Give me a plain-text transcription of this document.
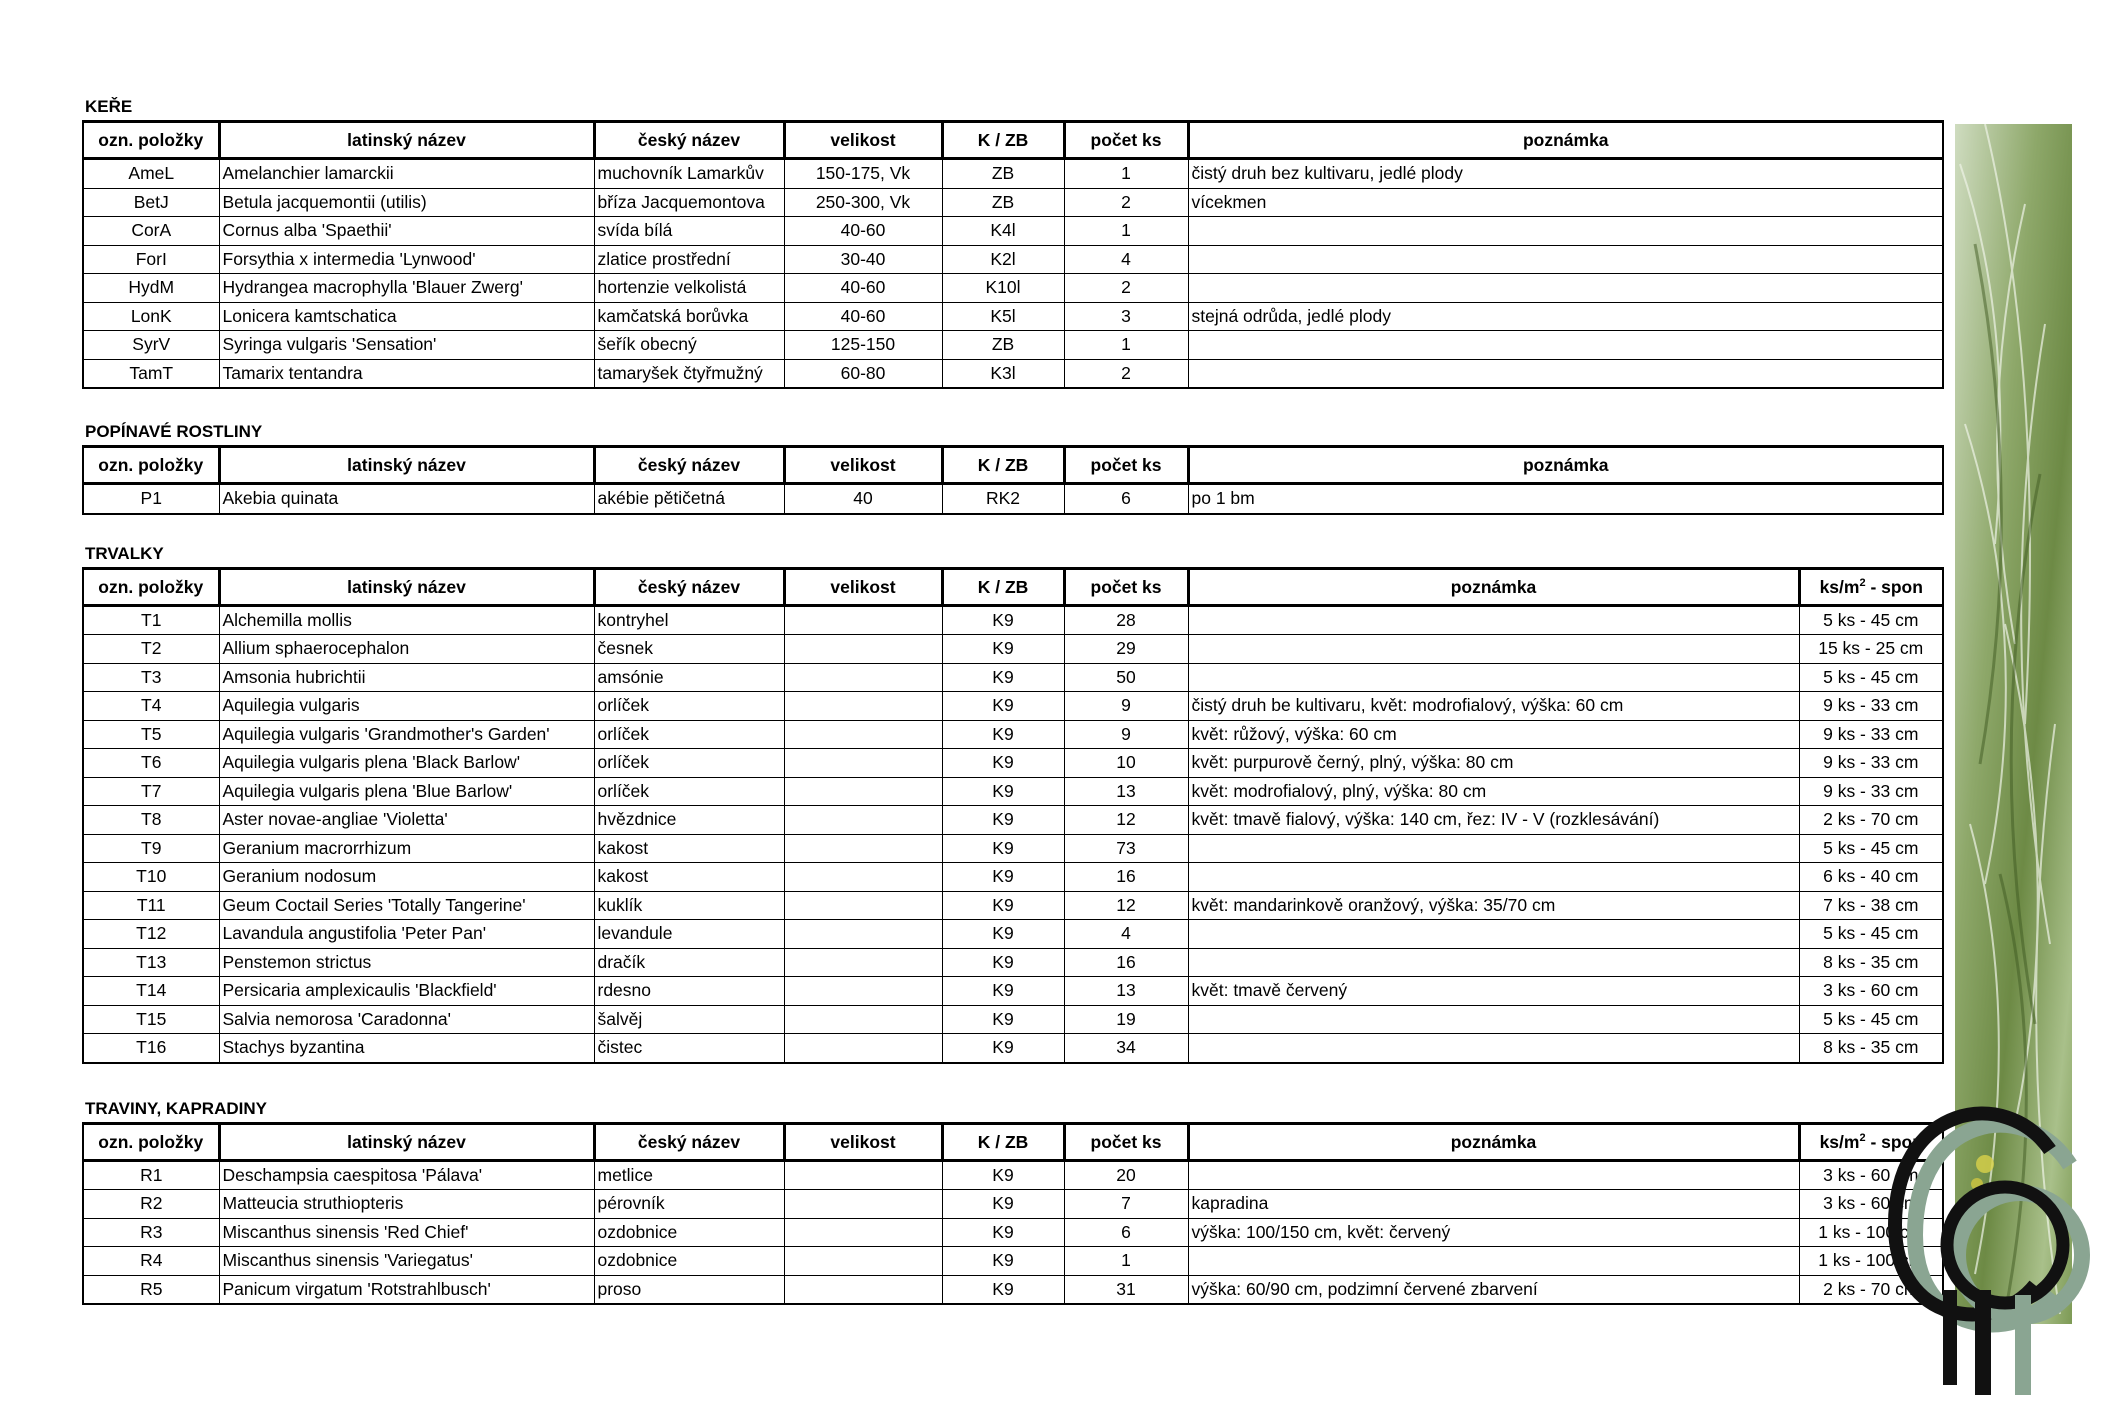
KEŘE
ozn. položky	latinský název	český název	velikost	K / ZB	počet ks	poznámka
AmeL	Amelanchier lamarckii	muchovník Lamarkův	150-175, Vk	ZB	1	čistý druh bez kultivaru, jedlé plody
BetJ	Betula jacquemontii (utilis)	bříza Jacquemontova	250-300, Vk	ZB	2	vícekmen
CorA	Cornus alba 'Spaethii'	svída bílá	40-60	K4l	1	
ForI	Forsythia x intermedia 'Lynwood'	zlatice prostřední	30-40	K2l	4	
HydM	Hydrangea macrophylla 'Blauer Zwerg'	hortenzie velkolistá	40-60	K10l	2	
LonK	Lonicera kamtschatica	kamčatská borůvka	40-60	K5l	3	stejná odrůda, jedlé plody
SyrV	Syringa vulgaris 'Sensation'	šeřík obecný	125-150	ZB	1	
TamT	Tamarix tentandra	tamaryšek čtyřmužný	60-80	K3l	2	
POPÍNAVÉ ROSTLINY
ozn. položky	latinský název	český název	velikost	K / ZB	počet ks	poznámka
P1	Akebia quinata	akébie pětičetná	40	RK2	6	po 1 bm
TRVALKY
ozn. položky	latinský název	český název	velikost	K / ZB	počet ks	poznámka	$ks/m^2$ - spon
T1	Alchemilla mollis	kontryhel		K9	28		5 ks - 45 cm
T2	Allium sphaerocephalon	česnek		K9	29		15 ks - 25 cm
T3	Amsonia hubrichtii	amsónie		K9	50		5 ks - 45 cm
T4	Aquilegia vulgaris	orlíček		K9	9	čistý druh be kultivaru, květ: modrofialový, výška: 60 cm	9 ks - 33 cm
T5	Aquilegia vulgaris 'Grandmother's Garden'	orlíček		K9	9	květ: růžový, výška: 60 cm	9 ks - 33 cm
T6	Aquilegia vulgaris plena 'Black Barlow'	orlíček		K9	10	květ: purpurově černý, plný, výška: 80 cm	9 ks - 33 cm
T7	Aquilegia vulgaris plena 'Blue Barlow'	orlíček		K9	13	květ: modrofialový, plný, výška: 80 cm	9 ks - 33 cm
T8	Aster novae-angliae 'Violetta'	hvězdnice		K9	12	květ: tmavě fialový, výška: 140 cm, řez: IV - V (rozklesávání)	2 ks - 70 cm
T9	Geranium macrorrhizum	kakost		K9	73		5 ks - 45 cm
T10	Geranium nodosum	kakost		K9	16		6 ks - 40 cm
T11	Geum Coctail Series 'Totally Tangerine'	kuklík		K9	12	květ: mandarinkově oranžový, výška: 35/70 cm	7 ks - 38 cm
T12	Lavandula angustifolia 'Peter Pan'	levandule		K9	4		5 ks - 45 cm
T13	Penstemon strictus	dračík		K9	16		8 ks - 35 cm
T14	Persicaria amplexicaulis 'Blackfield'	rdesno		K9	13	květ: tmavě červený	3 ks - 60 cm
T15	Salvia nemorosa 'Caradonna'	šalvěj		K9	19		5 ks - 45 cm
T16	Stachys byzantina	čistec		K9	34		8 ks - 35 cm
TRAVINY, KAPRADINY
ozn. položky	latinský název	český název	velikost	K / ZB	počet ks	poznámka	$ks/m^2$ - spon
R1	Deschampsia caespitosa 'Pálava'	metlice		K9	20		3 ks - 60 cm
R2	Matteucia struthiopteris	pérovník		K9	7	kapradina	3 ks - 60 cm
R3	Miscanthus sinensis 'Red Chief'	ozdobnice		K9	6	výška: 100/150 cm, květ: červený	1 ks - 100 cm
R4	Miscanthus sinensis 'Variegatus'	ozdobnice		K9	1		1 ks - 100 cm
R5	Panicum virgatum 'Rotstrahlbusch'	proso		K9	31	výška: 60/90 cm, podzimní červené zbarvení	2 ks - 70 cm
